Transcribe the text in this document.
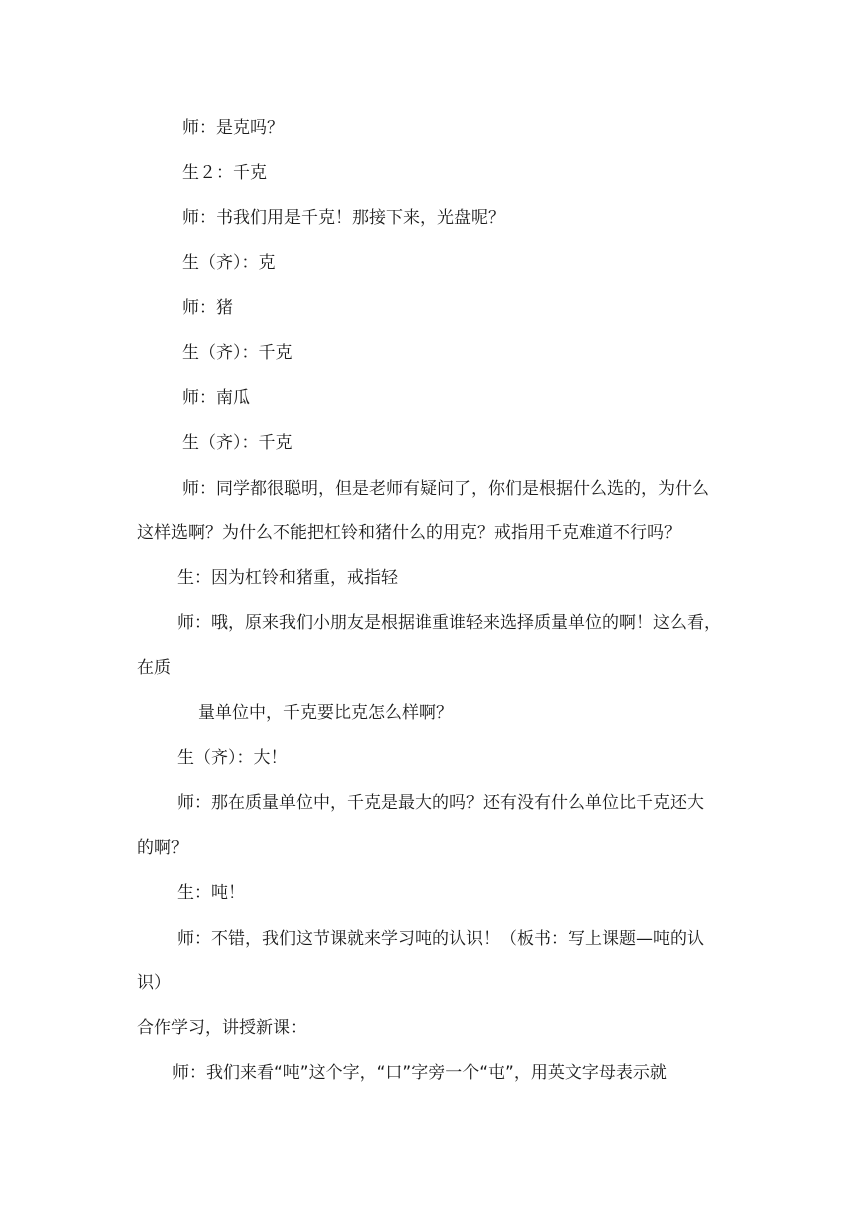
师：是克吗？
生２：千克
师：书我们用是千克！那接下来，光盘呢？
生（齐）：克
师：猪
生（齐）：千克
师：南瓜
生（齐）：千克
师：同学都很聪明，但是老师有疑问了，你们是根据什么选的，为什么
这样选啊？为什么不能把杠铃和猪什么的用克？戒指用千克难道不行吗？
生：因为杠铃和猪重，戒指轻
师：哦，原来我们小朋友是根据谁重谁轻来选择质量单位的啊！这么看，
在质
量单位中，千克要比克怎么样啊？
生（齐）：大！
师：那在质量单位中，千克是最大的吗？还有没有什么单位比千克还大
的啊？
生：吨！
师：不错，我们这节课就来学习吨的认识！（板书：写上课题—吨的认
识）
合作学习，讲授新课：
师：我们来看“吨”这个字，“口”字旁一个“屯”，用英文字母表示就
